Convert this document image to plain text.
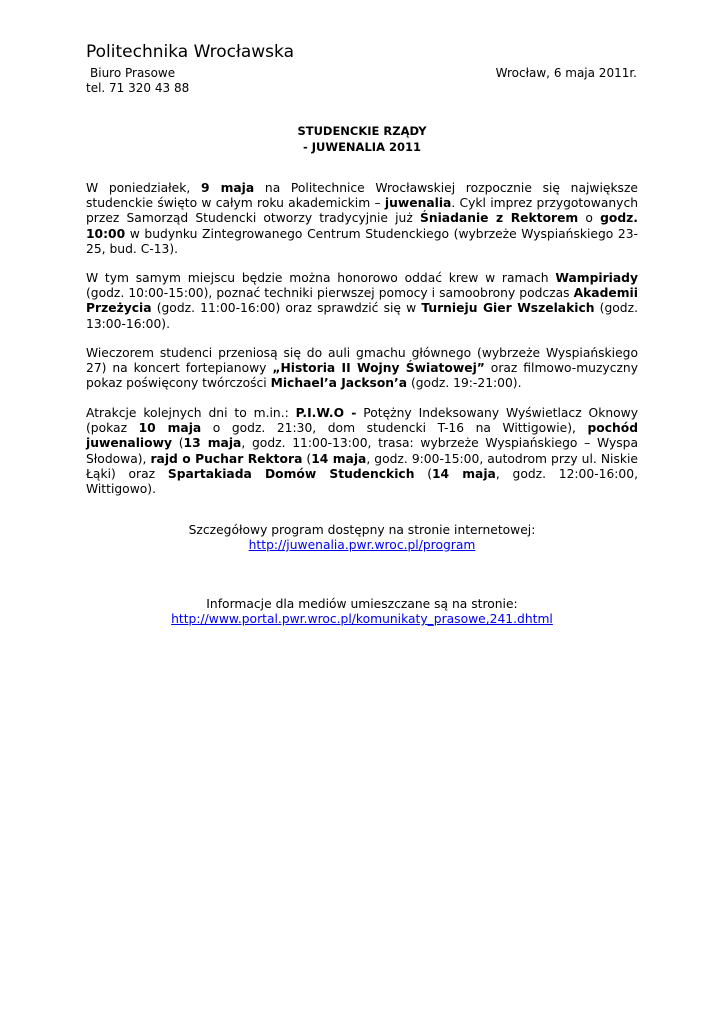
Politechnika Wrocławska
Biuro Prasowe
tel. 71 320 43 88
Wrocław, 6 maja 2011r.
STUDENCKIE RZĄDY
- JUWENALIA 2011

W poniedziałek, 9 maja na Politechnice Wrocławskiej rozpocznie się największe studenckie święto w całym roku akademickim – juwenalia. Cykl imprez przygotowanych przez Samorząd Studencki otworzy tradycyjnie już Śniadanie z Rektorem o godz. 10:00 w budynku Zintegrowanego Centrum Studenckiego (wybrzeże Wyspiańskiego 23-25, bud. C-13).

W tym samym miejscu będzie można honorowo oddać krew w ramach Wampiriady (godz. 10:00-15:00), poznać techniki pierwszej pomocy i samoobrony podczas Akademii Przeżycia (godz. 11:00-16:00) oraz sprawdzić się w Turnieju Gier Wszelakich (godz. 13:00-16:00).

Wieczorem studenci przeniosą się do auli gmachu głównego (wybrzeże Wyspiańskiego 27) na koncert fortepianowy „Historia II Wojny Światowej” oraz filmowo-muzyczny pokaz poświęcony twórczości Michael’a Jackson’a (godz. 19:-21:00).

Atrakcje kolejnych dni to m.in.: P.I.W.O - Potężny Indeksowany Wyświetlacz Oknowy (pokaz 10 maja o godz. 21:30, dom studencki T-16 na Wittigowie), pochód juwenaliowy (13 maja, godz. 11:00-13:00, trasa: wybrzeże Wyspiańskiego – Wyspa Słodowa), rajd o Puchar Rektora (14 maja, godz. 9:00-15:00, autodrom przy ul. Niskie Łąki) oraz Spartakiada Domów Studenckich (14 maja, godz. 12:00-16:00, Wittigowo).

Szczegółowy program dostępny na stronie internetowej:
http://juwenalia.pwr.wroc.pl/program
Informacje dla mediów umieszczane są na stronie:
http://www.portal.pwr.wroc.pl/komunikaty_prasowe,241.dhtml
